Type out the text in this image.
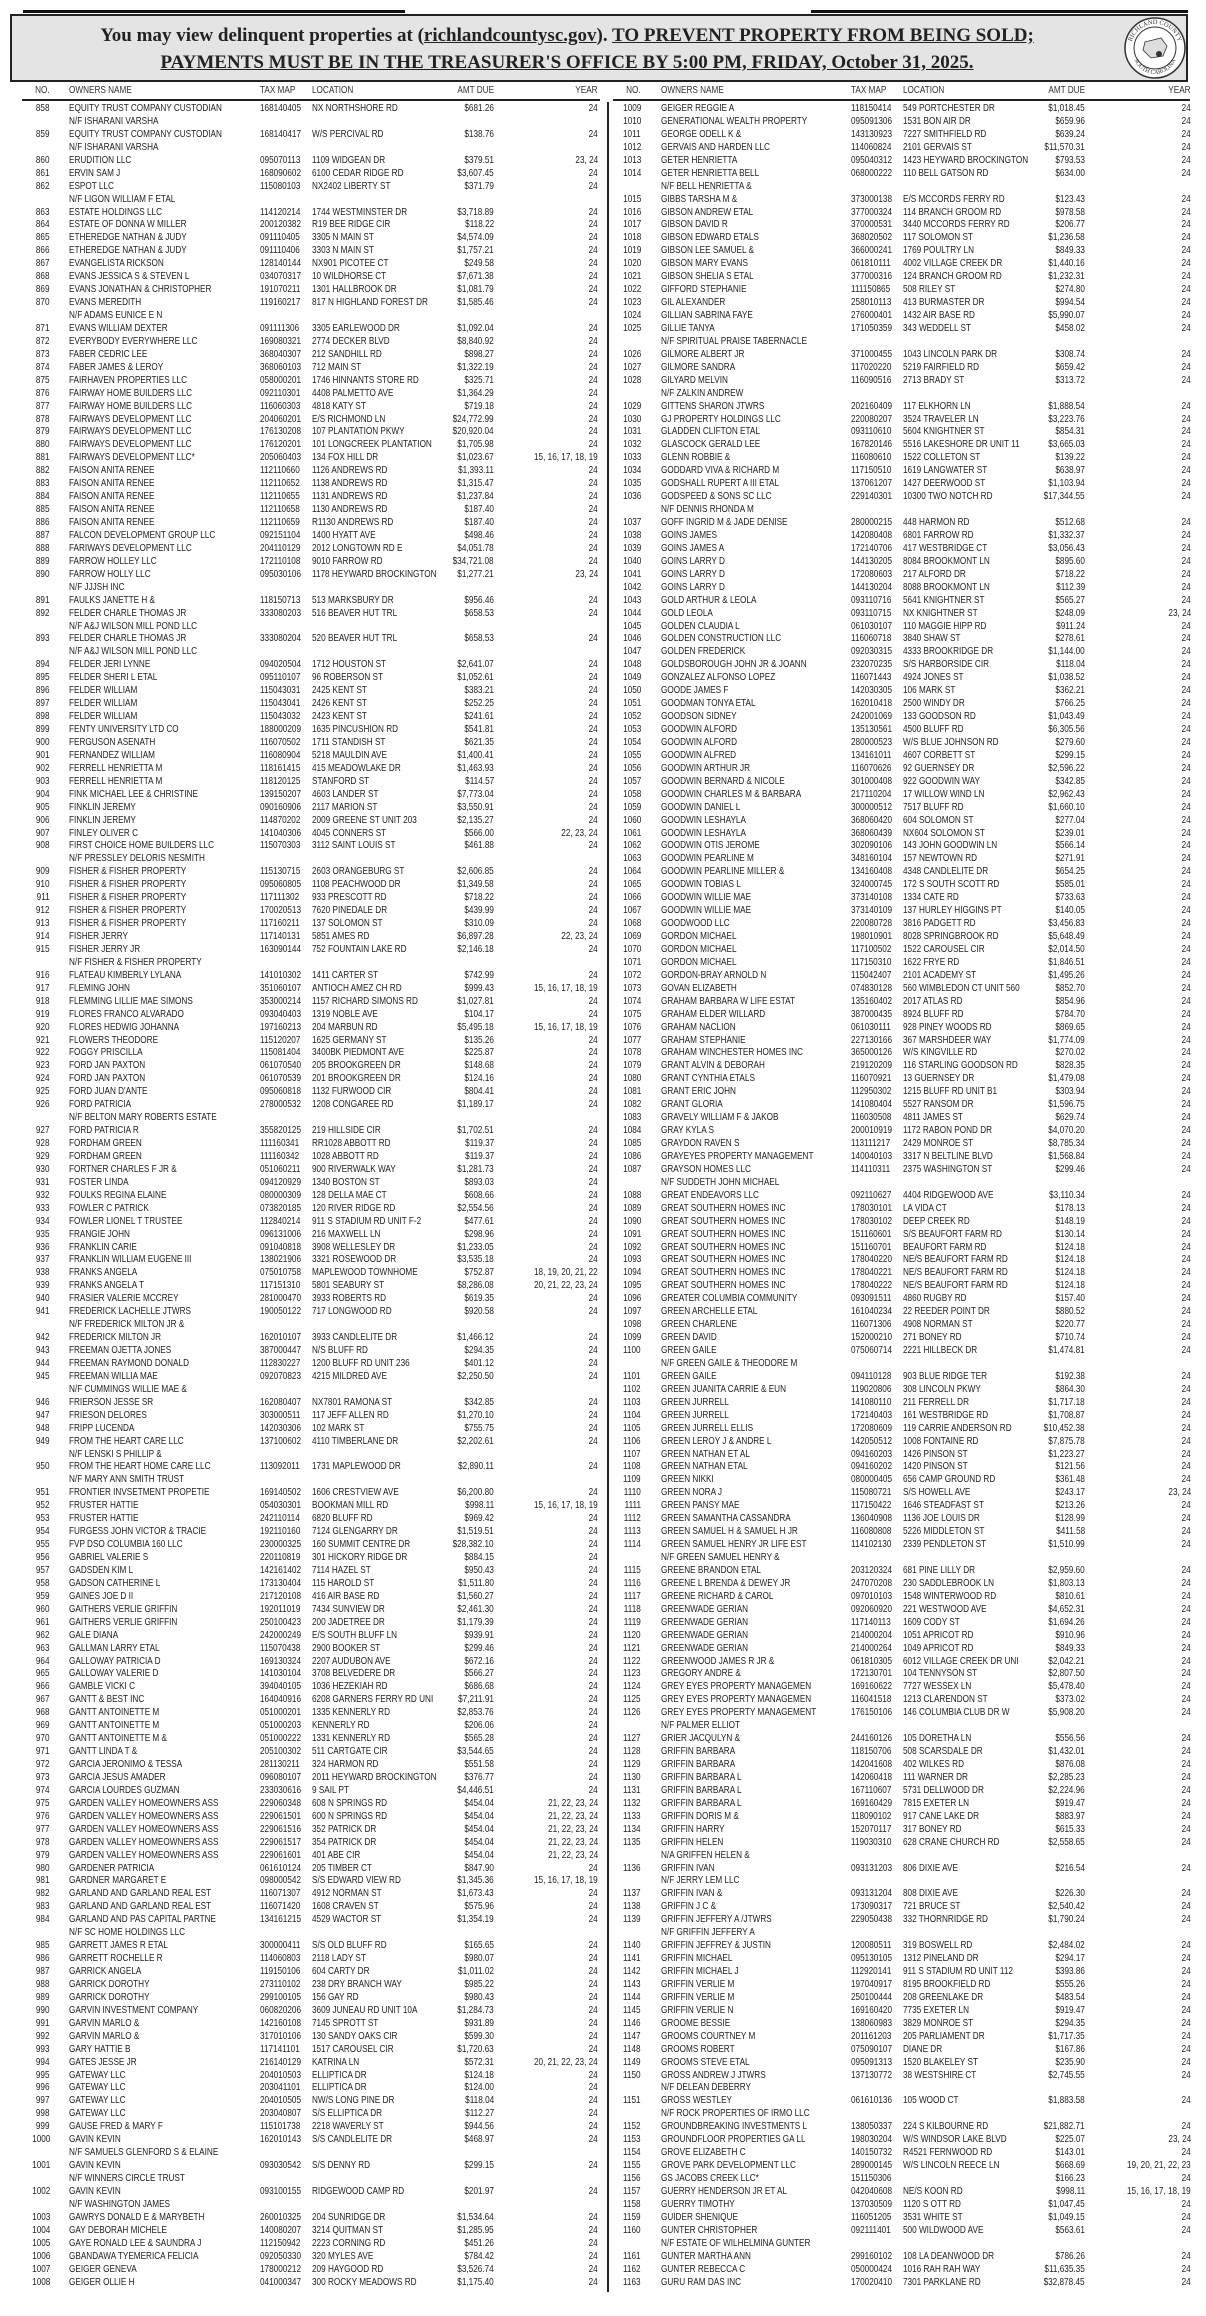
You may view delinquent properties at (richlandcountysc.gov). TO PREVENT PROPERTY FROM BEING SOLD;
PAYMENTS MUST BE IN THE TREASURER'S OFFICE BY 5:00 PM, FRIDAY, October 31, 2025.
RICHLAND COUNTY
SOUTH CAROLINA
NO. OWNERS NAME	TAX MAP	LOCATION	AMT DUE	YEAR
858 EQUITY TRUST COMPANY CUSTODIAN	168140405	NX NORTHSHORE RD	$681.26	24
N/F ISHARANI VARSHA
859 EQUITY TRUST COMPANY CUSTODIAN	168140417	W/S PERCIVAL RD	$138.76	24
N/F ISHARANI VARSHA
860 ERUDITION LLC	095070113	1109 WIDGEAN DR	$379.51	23, 24
861 ERVIN SAM J	168090602	6100 CEDAR RIDGE RD	$3,607.45	24
862 ESPOT LLC	115080103	NX2402 LIBERTY ST	$371.79	24
N/F LIGON WILLIAM F ETAL
863 ESTATE HOLDINGS LLC	114120214	1744 WESTMINSTER DR	$3,718.89	24
864 ESTATE OF DONNA W MILLER	200120382	R19 BEE RIDGE CIR	$118.22	24
865 ETHEREDGE NATHAN & JUDY	091110405	3305 N MAIN ST	$4,574.09	24
866 ETHEREDGE NATHAN & JUDY	091110406	3303 N MAIN ST	$1,757.21	24
867 EVANGELISTA RICKSON	128140144	NX901 PICOTEE CT	$249.58	24
868 EVANS JESSICA S & STEVEN L	034070317	10 WILDHORSE CT	$7,671.38	24
869 EVANS JONATHAN & CHRISTOPHER	191070211	1301 HALLBROOK DR	$1,081.79	24
870 EVANS MEREDITH	119160217	817 N HIGHLAND FOREST DR	$1,585.46	24
N/F ADAMS EUNICE E N
871 EVANS WILLIAM DEXTER	091111306	3305 EARLEWOOD DR	$1,092.04	24
872 EVERYBODY EVERYWHERE LLC	169080321	2774 DECKER BLVD	$8,840.92	24
873 FABER CEDRIC LEE	368040307	212 SANDHILL RD	$898.27	24
874 FABER JAMES & LEROY	368060103	712 MAIN ST	$1,322.19	24
875 FAIRHAVEN PROPERTIES LLC	058000201	1746 HINNANTS STORE RD	$325.71	24
876 FAIRWAY HOME BUILDERS LLC	092110301	4408 PALMETTO AVE	$1,364.29	24
877 FAIRWAY HOME BUILDERS LLC	116060303	4818 KATY ST	$719.18	24
878 FAIRWAYS DEVELOPMENT LLC	204060201	E/S RICHMOND LN	$24,772.99	24
879 FAIRWAYS DEVELOPMENT LLC	176130208	107 PLANTATION PKWY	$20,920.04	24
880 FAIRWAYS DEVELOPMENT LLC	176120201	101 LONGCREEK PLANTATION	$1,705.98	24
881 FAIRWAYS DEVELOPMENT LLC*	205060403	134 FOX HILL DR	$1,023.67	15, 16, 17, 18, 19
882 FAISON ANITA RENEE	112110660	1126 ANDREWS RD	$1,393.11	24
883 FAISON ANITA RENEE	112110652	1138 ANDREWS RD	$1,315.47	24
884 FAISON ANITA RENEE	112110655	1131 ANDREWS RD	$1,237.84	24
885 FAISON ANITA RENEE	112110658	1130 ANDREWS RD	$187.40	24
886 FAISON ANITA RENEE	112110659	R1130 ANDREWS RD	$187.40	24
887 FALCON DEVELOPMENT GROUP LLC	092151104	1400 HYATT AVE	$498.46	24
888 FARIWAYS DEVELOPMENT LLC	204110129	2012 LONGTOWN RD E	$4,051.78	24
889 FARROW HOLLEY LLC	172110108	9010 FARROW RD	$34,721.08	24
890 FARROW HOLLY LLC	095030106	1178 HEYWARD BROCKINGTON	$1,277.21	23, 24
N/F JJJSH INC
891 FAULKS JANETTE H &	118150713	513 MARKSBURY DR	$956.46	24
892 FELDER CHARLE THOMAS JR	333080203	516 BEAVER HUT TRL	$658.53	24
N/F A&J WILSON MILL POND LLC
893 FELDER CHARLE THOMAS JR	333080204	520 BEAVER HUT TRL	$658.53	24
N/F A&J WILSON MILL POND LLC
894 FELDER JERI LYNNE	094020504	1712 HOUSTON ST	$2,641.07	24
895 FELDER SHERI L ETAL	095110107	96 ROBERSON ST	$1,052.61	24
896 FELDER WILLIAM	115043031	2425 KENT ST	$383.21	24
897 FELDER WILLIAM	115043041	2426 KENT ST	$252.25	24
898 FELDER WILLIAM	115043032	2423 KENT ST	$241.61	24
899 FENTY UNIVERSITY LTD CO	188000209	1635 PINCUSHION RD	$541.81	24
900 FERGUSON ASENATH	116070502	1711 STANDISH ST	$621.35	24
901 FERNANDEZ WILLIAM	116080904	5218 MAULDIN AVE	$1,400.41	24
902 FERRELL HENRIETTA M	118161415	415 MEADOWLAKE DR	$1,463.93	24
903 FERRELL HENRIETTA M	118120125	STANFORD ST	$114.57	24
904 FINK MICHAEL LEE & CHRISTINE	139150207	4603 LANDER ST	$7,773.04	24
905 FINKLIN JEREMY	090160906	2117 MARION ST	$3,550.91	24
906 FINKLIN JEREMY	114870202	2009 GREENE ST UNIT 203	$2,135.27	24
907 FINLEY OLIVER C	141040306	4045 CONNERS ST	$566.00	22, 23, 24
908 FIRST CHOICE HOME BUILDERS LLC	115070303	3112 SAINT LOUIS ST	$461.88	24
N/F PRESSLEY DELORIS NESMITH
909 FISHER & FISHER PROPERTY	115130715	2603 ORANGEBURG ST	$2,606.85	24
910 FISHER & FISHER PROPERTY	095060805	1108 PEACHWOOD DR	$1,349.58	24
911 FISHER & FISHER PROPERTY	117111302	933 PRESCOTT RD	$718.22	24
912 FISHER & FISHER PROPERTY	170020513	7620 PINEDALE DR	$439.99	24
913 FISHER & FISHER PROPERTY	117160211	137 SOLOMON ST	$310.09	24
914 FISHER JERRY	117140131	5851 AMES RD	$6,897.28	22, 23, 24
915 FISHER JERRY JR	163090144	752 FOUNTAIN LAKE RD	$2,146.18	24
N/F FISHER & FISHER PROPERTY
916 FLATEAU KIMBERLY LYLANA	141010302	1411 CARTER ST	$742.99	24
917 FLEMING JOHN	351060107	ANTIOCH AMEZ CH RD	$999.43	15, 16, 17, 18, 19
918 FLEMMING LILLIE MAE SIMONS	353000214	1157 RICHARD SIMONS RD	$1,027.81	24
919 FLORES FRANCO ALVARADO	093040403	1319 NOBLE AVE	$104.17	24
920 FLORES HEDWIG JOHANNA	197160213	204 MARBUN RD	$5,495.18	15, 16, 17, 18, 19
921 FLOWERS THEODORE	115120207	1625 GERMANY ST	$135.26	24
922 FOGGY PRISCILLA	115081404	3400BK PIEDMONT AVE	$225.87	24
923 FORD JAN PAXTON	061070540	205 BROOKGREEN DR	$148.68	24
924 FORD JAN PAXTON	061070539	201 BROOKGREEN DR	$124.16	24
925 FORD JUAN D'ANTE	095060818	1132 FURWOOD CIR	$804.41	24
926 FORD PATRICIA	278000532	1208 CONGAREE RD	$1,189.17	24
N/F BELTON MARY ROBERTS ESTATE
927 FORD PATRICIA R	355820125	219 HILLSIDE CIR	$1,702.51	24
928 FORDHAM GREEN	111160341	RR1028 ABBOTT RD	$119.37	24
929 FORDHAM GREEN	111160342	1028 ABBOTT RD	$119.37	24
930 FORTNER CHARLES F JR &	051060211	900 RIVERWALK WAY	$1,281.73	24
931 FOSTER LINDA	094120929	1340 BOSTON ST	$893.03	24
932 FOULKS REGINA ELAINE	080000309	128 DELLA MAE CT	$608.66	24
933 FOWLER C PATRICK	073820185	120 RIVER RIDGE RD	$2,554.56	24
934 FOWLER LIONEL T TRUSTEE	112840214	911 S STADIUM RD UNIT F-2	$477.61	24
935 FRANGIE JOHN	096131006	216 MAXWELL LN	$298.96	24
936 FRANKLIN CARIE	091040818	3908 WELLESLEY DR	$1,233.05	24
937 FRANKLIN WILLIAM EUGENE III	138021906	3321 ROSEWOOD DR	$3,535.18	24
938 FRANKS ANGELA	075010758	MAPLEWOOD TOWNHOME	$752.87	18, 19, 20, 21, 22
939 FRANKS ANGELA T	117151310	5801 SEABURY ST	$8,286.08	20, 21, 22, 23, 24
940 FRASIER VALERIE MCCREY	281000470	3933 ROBERTS RD	$619.35	24
941 FREDERICK LACHELLE JTWRS	190050122	717 LONGWOOD RD	$920.58	24
N/F FREDERICK MILTON JR &
942 FREDERICK MILTON JR	162010107	3933 CANDLELITE DR	$1,466.12	24
943 FREEMAN OJETTA JONES	387000447	N/S BLUFF RD	$294.35	24
944 FREEMAN RAYMOND DONALD	112830227	1200 BLUFF RD UNIT 236	$401.12	24
945 FREEMAN WILLIA MAE	092070823	4215 MILDRED AVE	$2,250.50	24
N/F CUMMINGS WILLIE MAE &
946 FRIERSON JESSE SR	162080407	NX7801 RAMONA ST	$342.85	24
947 FRIESON DELORES	303000511	117 JEFF ALLEN RD	$1,270.10	24
948 FRIPP LUCENDA	142030306	102 MARK ST	$755.75	24
949 FROM THE HEART CARE LLC	137100602	4110 TIMBERLANE DR	$2,202.61	24
N/F LENSKI S PHILLIP &
950 FROM THE HEART HOME CARE LLC	113092011	1731 MAPLEWOOD DR	$2,890.11	24
N/F MARY ANN SMITH TRUST
951 FRONTIER INVSETMENT PROPETIE	169140502	1606 CRESTVIEW AVE	$6,200.80	24
952 FRUSTER HATTIE	054030301	BOOKMAN MILL RD	$998.11	15, 16, 17, 18, 19
953 FRUSTER HATTIE	242110114	6820 BLUFF RD	$969.42	24
954 FURGESS JOHN VICTOR & TRACIE	192110160	7124 GLENGARRY DR	$1,519.51	24
955 FVP DSO COLUMBIA 160 LLC	230000325	160 SUMMIT CENTRE DR	$28,382.10	24
956 GABRIEL VALERIE S	220110819	301 HICKORY RIDGE DR	$884.15	24
957 GADSDEN KIM L	142161402	7114 HAZEL ST	$950.43	24
958 GADSON CATHERINE L	173130404	115 HAROLD ST	$1,511.80	24
959 GAINES JOE D II	217120108	416 AIR BASE RD	$1,560.27	24
960 GAITHERS VERLIE GRIFFIN	192011019	7434 SUNVIEW DR	$2,461.30	24
961 GAITHERS VERLIE GRIFFIN	250100423	200 JADETREE DR	$1,179.39	24
962 GALE DIANA	242000249	E/S SOUTH BLUFF LN	$939.91	24
963 GALLMAN LARRY ETAL	115070438	2900 BOOKER ST	$299.46	24
964 GALLOWAY PATRICIA D	169130324	2207 AUDUBON AVE	$672.16	24
965 GALLOWAY VALERIE D	141030104	3708 BELVEDERE DR	$566.27	24
966 GAMBLE VICKI C	394040105	1036 HEZEKIAH RD	$686.68	24
967 GANTT & BEST INC	164040916	6208 GARNERS FERRY RD UNI	$7,211.91	24
968 GANTT ANTOINETTE M	051000201	1335 KENNERLY RD	$2,853.76	24
969 GANTT ANTOINETTE M	051000203	KENNERLY RD	$206.06	24
970 GANTT ANTOINETTE M &	051000222	1331 KENNERLY RD	$565.28	24
971 GANTT LINDA T &	205100302	511 CARTGATE CIR	$3,544.65	24
972 GARCIA JERONIMO & TESSA	281130211	324 HARMON RD	$551.58	24
973 GARCIA JESUS AMADER	096080107	2011 HEYWARD BROCKINGTON	$376.77	24
974 GARCIA LOURDES GUZMAN	233030616	9 SAIL PT	$4,446.51	24
975 GARDEN VALLEY HOMEOWNERS ASS	229060348	608 N SPRINGS RD	$454.04	21, 22, 23, 24
976 GARDEN VALLEY HOMEOWNERS ASS	229061501	600 N SPRINGS RD	$454.04	21, 22, 23, 24
977 GARDEN VALLEY HOMEOWNERS ASS	229061516	352 PATRICK DR	$454.04	21, 22, 23, 24
978 GARDEN VALLEY HOMEOWNERS ASS	229061517	354 PATRICK DR	$454.04	21, 22, 23, 24
979 GARDEN VALLEY HOMEOWNERS ASS	229061601	401 ABE CIR	$454.04	21, 22, 23, 24
980 GARDENER PATRICIA	061610124	205 TIMBER CT	$847.90	24
981 GARDNER MARGARET E	098000542	S/S EDWARD VIEW RD	$1,345.36	15, 16, 17, 18, 19
982 GARLAND AND GARLAND REAL EST	116071307	4912 NORMAN ST	$1,673.43	24
983 GARLAND AND GARLAND REAL EST	116071420	1608 CRAVEN ST	$575.96	24
984 GARLAND AND PAS CAPITAL PARTNE	134161215	4529 WACTOR ST	$1,354.19	24
N/F SC HOME HOLDINGS LLC
985 GARRETT JAMES R ETAL	300000411	S/S OLD BLUFF RD	$165.65	24
986 GARRETT ROCHELLE R	114060803	2118 LADY ST	$980.07	24
987 GARRICK ANGELA	119150106	604 CARTY DR	$1,011.02	24
988 GARRICK DOROTHY	273110102	238 DRY BRANCH WAY	$985.22	24
989 GARRICK DOROTHY	299100105	156 GAY RD	$980.43	24
990 GARVIN INVESTMENT COMPANY	060820206	3609 JUNEAU RD UNIT 10A	$1,284.73	24
991 GARVIN MARLO &	142160108	7145 SPROTT ST	$931.89	24
992 GARVIN MARLO &	317010106	130 SANDY OAKS CIR	$599.30	24
993 GARY HATTIE B	117141101	1517 CAROUSEL CIR	$1,720.63	24
994 GATES JESSE JR	216140129	KATRINA LN	$572.31	20, 21, 22, 23, 24
995 GATEWAY LLC	204010503	ELLIPTICA DR	$124.18	24
996 GATEWAY LLC	203041101	ELLIPTICA DR	$124.00	24
997 GATEWAY LLC	204010505	NW/S LONG PINE DR	$118.04	24
998 GATEWAY LLC	203040807	S/S ELLIPTICA DR	$112.27	24
999 GAUSE FRED & MARY F	115101738	2218 WAVERLY ST	$944.56	24
1000 GAVIN KEVIN	162010143	S/S CANDLELITE DR	$468.97	24
N/F SAMUELS GLENFORD S & ELAINE
1001 GAVIN KEVIN	093030542	S/S DENNY RD	$299.15	24
N/F WINNERS CIRCLE TRUST
1002 GAVIN KEVIN	093100155	RIDGEWOOD CAMP RD	$201.97	24
N/F WASHINGTON JAMES
1003 GAWRYS DONALD E & MARYBETH	260010325	204 SUNRIDGE DR	$1,534.64	24
1004 GAY DEBORAH MICHELE	140080207	3214 QUITMAN ST	$1,285.95	24
1005 GAYE RONALD LEE & SAUNDRA J	112150942	2223 CORNING RD	$451.26	24
1006 GBANDAWA TYEMERICA FELICIA	092050330	320 MYLES AVE	$784.42	24
1007 GEIGER GENEVA	178000212	209 HAYGOOD RD	$3,526.74	24
1008 GEIGER OLLIE H	041000347	300 ROCKY MEADOWS RD	$1,175.40	24
NO. OWNERS NAME	TAX MAP	LOCATION	AMT DUE	YEAR
1009 GEIGER REGGIE A	118150414	549 PORTCHESTER DR	$1,018.45	24
1010 GENERATIONAL WEALTH PROPERTY	095091306	1531 BON AIR DR	$659.96	24
1011 GEORGE ODELL K &	143130923	7227 SMITHFIELD RD	$639.24	24
1012 GERVAIS AND HARDEN LLC	114060824	2101 GERVAIS ST	$11,570.31	24
1013 GETER HENRIETTA	095040312	1423 HEYWARD BROCKINGTON	$793.53	24
1014 GETER HENRIETTA BELL	068000222	110 BELL GATSON RD	$634.00	24
N/F BELL HENRIETTA &
1015 GIBBS TARSHA M &	373000138	E/S MCCORDS FERRY RD	$123.43	24
1016 GIBSON ANDREW ETAL	377000324	114 BRANCH GROOM RD	$978.58	24
1017 GIBSON DAVID R	370000531	3440 MCCORDS FERRY RD	$206.77	24
1018 GIBSON EDWARD ETALS	368020502	117 SOLOMON ST	$1,236.58	24
1019 GIBSON LEE SAMUEL &	366000241	1769 POULTRY LN	$849.33	24
1020 GIBSON MARY EVANS	061810111	4002 VILLAGE CREEK DR	$1,440.16	24
1021 GIBSON SHELIA S ETAL	377000316	124 BRANCH GROOM RD	$1,232.31	24
1022 GIFFORD STEPHANIE	111150865	508 RILEY ST	$274.80	24
1023 GIL ALEXANDER	258010113	413 BURMASTER DR	$994.54	24
1024 GILLIAN SABRINA FAYE	276000401	1432 AIR BASE RD	$5,990.07	24
1025 GILLIE TANYA	171050359	343 WEDDELL ST	$458.02	24
N/F SPIRITUAL PRAISE TABERNACLE
1026 GILMORE ALBERT JR	371000455	1043 LINCOLN PARK DR	$308.74	24
1027 GILMORE SANDRA	117020220	5219 FAIRFIELD RD	$659.42	24
1028 GILYARD MELVIN	116090516	2713 BRADY ST	$313.72	24
N/F ZALKIN ANDREW
1029 GITTENS SHARON JTWRS	202160409	117 ELKHORN LN	$1,888.54	24
1030 GJ PROPERTY HOLDINGS LLC	220080207	3524 TRAVELER LN	$3,223.76	24
1031 GLADDEN CLIFTON ETAL	093110610	5604 KNIGHTNER ST	$854.31	24
1032 GLASCOCK GERALD LEE	167820146	5516 LAKESHORE DR UNIT 11	$3,665.03	24
1033 GLENN ROBBIE &	116080610	1522 COLLETON ST	$139.22	24
1034 GODDARD VIVA & RICHARD M	117150510	1619 LANGWATER ST	$638.97	24
1035 GODSHALL RUPERT A III ETAL	137061207	1427 DEERWOOD ST	$1,103.94	24
1036 GODSPEED & SONS SC LLC	229140301	10300 TWO NOTCH RD	$17,344.55	24
N/F DENNIS RHONDA M
1037 GOFF INGRID M & JADE DENISE	280000215	448 HARMON RD	$512.68	24
1038 GOINS JAMES	142080408	6801 FARROW RD	$1,332.37	24
1039 GOINS JAMES A	172140706	417 WESTBRIDGE CT	$3,056.43	24
1040 GOINS LARRY D	144130205	8084 BROOKMONT LN	$895.60	24
1041 GOINS LARRY D	172080603	217 ALFORD DR	$718.22	24
1042 GOINS LARRY D	144130204	8088 BROOKMONT LN	$112.39	24
1043 GOLD ARTHUR & LEOLA	093110716	5641 KNIGHTNER ST	$565.27	24
1044 GOLD LEOLA	093110715	NX KNIGHTNER ST	$248.09	23, 24
1045 GOLDEN CLAUDIA L	061030107	110 MAGGIE HIPP RD	$911.24	24
1046 GOLDEN CONSTRUCTION LLC	116060718	3840 SHAW ST	$278.61	24
1047 GOLDEN FREDERICK	092030315	4333 BROOKRIDGE DR	$1,144.00	24
1048 GOLDSBOROUGH JOHN JR & JOANN	232070235	S/S HARBORSIDE CIR	$118.04	24
1049 GONZALEZ ALFONSO LOPEZ	116071443	4924 JONES ST	$1,038.52	24
1050 GOODE JAMES F	142030305	106 MARK ST	$362.21	24
1051 GOODMAN TONYA ETAL	162010418	2500 WINDY DR	$766.25	24
1052 GOODSON SIDNEY	242001069	133 GOODSON RD	$1,043.49	24
1053 GOODWIN ALFORD	135130561	4500 BLUFF RD	$6,305.56	24
1054 GOODWIN ALFORD	280000523	W/S BLUE JOHNSON RD	$279.60	24
1055 GOODWIN ALFRED	134161011	4607 CORBETT ST	$299.15	24
1056 GOODWIN ARTHUR JR	116070626	92 GUERNSEY DR	$2,596.22	24
1057 GOODWIN BERNARD & NICOLE	301000408	922 GOODWIN WAY	$342.85	24
1058 GOODWIN CHARLES M & BARBARA	217110204	17 WILLOW WIND LN	$2,962.43	24
1059 GOODWIN DANIEL L	300000512	7517 BLUFF RD	$1,660.10	24
1060 GOODWIN LESHAYLA	368060420	604 SOLOMON ST	$277.04	24
1061 GOODWIN LESHAYLA	368060439	NX604 SOLOMON ST	$239.01	24
1062 GOODWIN OTIS JEROME	302090106	143 JOHN GOODWIN LN	$566.14	24
1063 GOODWIN PEARLINE M	348160104	157 NEWTOWN RD	$271.91	24
1064 GOODWIN PEARLINE MILLER &	134160408	4348 CANDLELITE DR	$654.25	24
1065 GOODWIN TOBIAS L	324000745	172 S SOUTH SCOTT RD	$585.01	24
1066 GOODWIN WILLIE MAE	373140108	1334 CATE RD	$733.63	24
1067 GOODWIN WILLIE MAE	373140109	137 HURLEY HIGGINS PT	$140.05	24
1068 GOODWOOD LLC	220080728	3816 PADGETT RD	$3,456.83	24
1069 GORDON MICHAEL	198010901	8028 SPRINGBROOK RD	$5,648.49	24
1070 GORDON MICHAEL	117100502	1522 CAROUSEL CIR	$2,014.50	24
1071 GORDON MICHAEL	117150310	1622 FRYE RD	$1,846.51	24
1072 GORDON-BRAY ARNOLD N	115042407	2101 ACADEMY ST	$1,495.26	24
1073 GOVAN ELIZABETH	074830128	560 WIMBLEDON CT UNIT 560	$852.70	24
1074 GRAHAM BARBARA W LIFE ESTAT	135160402	2017 ATLAS RD	$854.96	24
1075 GRAHAM ELDER WILLARD	387000435	8924 BLUFF RD	$784.70	24
1076 GRAHAM NACLION	061030111	928 PINEY WOODS RD	$869.65	24
1077 GRAHAM STEPHANIE	227130166	367 MARSHDEER WAY	$1,774.09	24
1078 GRAHAM WINCHESTER HOMES INC	365000126	W/S KINGVILLE RD	$270.02	24
1079 GRANT ALVIN & DEBORAH	219120209	116 STARLING GOODSON RD	$828.35	24
1080 GRANT CYNTHIA ETALS	116070921	13 GUERNSEY DR	$1,479.08	24
1081 GRANT ERIC JOHN	112950302	1215 BLUFF RD UNIT B1	$303.94	24
1082 GRANT GLORIA	141080404	5527 RANSOM DR	$1,596.75	24
1083 GRAVELY WILLIAM F & JAKOB	116030508	4811 JAMES ST	$629.74	24
1084 GRAY KYLA S	200010919	1172 RABON POND DR	$4,070.20	24
1085 GRAYDON RAVEN S	113111217	2429 MONROE ST	$8,785.34	24
1086 GRAYEYES PROPERTY MANAGEMENT	140040103	3317 N BELTLINE BLVD	$1,568.84	24
1087 GRAYSON HOMES LLC	114110311	2375 WASHINGTON ST	$299.46	24
N/F SUDDETH JOHN MICHAEL
1088 GREAT ENDEAVORS LLC	092110627	4404 RIDGEWOOD AVE	$3,110.34	24
1089 GREAT SOUTHERN HOMES INC	178030101	LA VIDA CT	$178.13	24
1090 GREAT SOUTHERN HOMES INC	178030102	DEEP CREEK RD	$148.19	24
1091 GREAT SOUTHERN HOMES INC	151160601	S/S BEAUFORT FARM RD	$130.14	24
1092 GREAT SOUTHERN HOMES INC	151160701	BEAUFORT FARM RD	$124.18	24
1093 GREAT SOUTHERN HOMES INC	178040220	NE/S BEAUFORT FARM RD	$124.18	24
1094 GREAT SOUTHERN HOMES INC	178040221	NE/S BEAUFORT FARM RD	$124.18	24
1095 GREAT SOUTHERN HOMES INC	178040222	NE/S BEAUFORT FARM RD	$124.18	24
1096 GREATER COLUMBIA COMMUNITY	093091511	4860 RUGBY RD	$157.40	24
1097 GREEN ARCHELLE ETAL	161040234	22 REEDER POINT DR	$880.52	24
1098 GREEN CHARLENE	116071306	4908 NORMAN ST	$220.77	24
1099 GREEN DAVID	152000210	271 BONEY RD	$710.74	24
1100 GREEN GAILE	075060714	2221 HILLBECK DR	$1,474.81	24
N/F GREEN GAILE & THEODORE M
1101 GREEN GAILE	094110128	903 BLUE RIDGE TER	$192.38	24
1102 GREEN JUANITA CARRIE & EUN	119020806	308 LINCOLN PKWY	$864.30	24
1103 GREEN JURRELL	141080110	211 FERRELL DR	$1,717.18	24
1104 GREEN JURRELL	172140403	161 WESTBRIDGE RD	$1,708.87	24
1105 GREEN JURRELL ELLIS	172080609	119 CARRIE ANDERSON RD	$10,452.38	24
1106 GREEN LEROY J & ANDRE L	142050512	1008 FONTAINE RD	$7,875.78	24
1107 GREEN NATHAN ET AL	094160203	1426 PINSON ST	$1,223.27	24
1108 GREEN NATHAN ETAL	094160202	1420 PINSON ST	$121.56	24
1109 GREEN NIKKI	080000405	656 CAMP GROUND RD	$361.48	24
1110 GREEN NORA J	115080721	S/S HOWELL AVE	$243.17	23, 24
1111 GREEN PANSY MAE	117150422	1646 STEADFAST ST	$213.26	24
1112 GREEN SAMANTHA CASSANDRA	136040908	1136 JOE LOUIS DR	$128.99	24
1113 GREEN SAMUEL H & SAMUEL H JR	116080808	5226 MIDDLETON ST	$411.58	24
1114 GREEN SAMUEL HENRY JR LIFE EST	114102130	2339 PENDLETON ST	$1,510.99	24
N/F GREEN SAMUEL HENRY &
1115 GREENE BRANDON ETAL	203120324	681 PINE LILLY DR	$2,959.60	24
1116 GREENE L BRENDA & DEWEY JR	247070208	230 SADDLEBROOK LN	$1,803.13	24
1117 GREENE RICHARD & CAROL	097010103	1548 WINTERWOOD RD	$810.61	24
1118 GREENWADE GERIAN	092060920	221 WESTWOOD AVE	$4,652.31	24
1119 GREENWADE GERIAN	117140113	1609 CODY ST	$1,694.26	24
1120 GREENWADE GERIAN	214000204	1051 APRICOT RD	$910.96	24
1121 GREENWADE GERIAN	214000264	1049 APRICOT RD	$849.33	24
1122 GREENWOOD JAMES R JR &	061810305	6012 VILLAGE CREEK DR UNI	$2,042.21	24
1123 GREGORY ANDRE &	172130701	104 TENNYSON ST	$2,807.50	24
1124 GREY EYES PROPERTY MANAGEMEN	169160622	7727 WESSEX LN	$5,478.40	24
1125 GREY EYES PROPERTY MANAGEMEN	116041518	1213 CLARENDON ST	$373.02	24
1126 GREY EYES PROPERTY MANAGEMENT	176150106	146 COLUMBIA CLUB DR W	$5,908.20	24
N/F PALMER ELLIOT
1127 GRIER JACQULYN &	244160126	105 DORETHA LN	$556.56	24
1128 GRIFFIN BARBARA	118150706	508 SCARSDALE DR	$1,432.01	24
1129 GRIFFIN BARBARA	142041608	402 WILKES RD	$876.08	24
1130 GRIFFIN BARBARA L	142060418	111 WARNER DR	$2,285.23	24
1131 GRIFFIN BARBARA L	167110607	5731 DELLWOOD DR	$2,224.96	24
1132 GRIFFIN BARBARA L	169160429	7815 EXETER LN	$919.47	24
1133 GRIFFIN DORIS M &	118090102	917 CANE LAKE DR	$883.97	24
1134 GRIFFIN HARRY	152070117	317 BONEY RD	$615.33	24
1135 GRIFFIN HELEN	119030310	628 CRANE CHURCH RD	$2,558.65	24
N/A GRIFFEN HELEN &
1136 GRIFFIN IVAN	093131203	806 DIXIE AVE	$216.54	24
N/F JERRY LEM LLC
1137 GRIFFIN IVAN &	093131204	808 DIXIE AVE	$226.30	24
1138 GRIFFIN J C &	173090317	721 BRUCE ST	$2,540.42	24
1139 GRIFFIN JEFFERY A /JTWRS	229050438	332 THORNRIDGE RD	$1,790.24	24
N/F GRIFFIN JEFFERY A
1140 GRIFFIN JEFFREY & JUSTIN	120080511	319 BOSWELL RD	$2,484.02	24
1141 GRIFFIN MICHAEL	095130105	1312 PINELAND DR	$294.17	24
1142 GRIFFIN MICHAEL J	112920141	911 S STADIUM RD UNIT 112	$393.86	24
1143 GRIFFIN VERLIE M	197040917	8195 BROOKFIELD RD	$555.26	24
1144 GRIFFIN VERLIE M	250100444	208 GREENLAKE DR	$483.54	24
1145 GRIFFIN VERLIE N	169160420	7735 EXETER LN	$919.47	24
1146 GROOME BESSIE	138060983	3829 MONROE ST	$294.35	24
1147 GROOMS COURTNEY M	201161203	205 PARLIAMENT DR	$1,717.35	24
1148 GROOMS ROBERT	075090107	DIANE DR	$167.86	24
1149 GROOMS STEVE ETAL	095091313	1520 BLAKELEY ST	$235.90	24
1150 GROSS ANDREW J JTWRS	137130772	38 WESTSHIRE CT	$2,745.55	24
N/F DELEAN DEBERRY
1151 GROSS WESTLEY	061610136	105 WOOD CT	$1,883.58	24
N/F ROCK PROPERTIES OF IRMO LLC
1152 GROUNDBREAKING INVESTMENTS L	138050337	224 S KILBOURNE RD	$21,882.71	24
1153 GROUNDFLOOR PROPERTIES GA LL	198030204	W/S WINDSOR LAKE BLVD	$225.07	23, 24
1154 GROVE ELIZABETH C	140150732	R4521 FERNWOOD RD	$143.01	24
1155 GROVE PARK DEVELOPMENT LLC	289000145	W/S LINCOLN REECE LN	$668.69	19, 20, 21, 22, 23
1156 GS JACOBS CREEK LLC*	151150306	$166.23	24
1157 GUERRY HENDERSON JR ET AL	042040608	NE/S KOON RD	$998.11	15, 16, 17, 18, 19
1158 GUERRY TIMOTHY	137030509	1120 S OTT RD	$1,047.45	24
1159 GUIDER SHENIQUE	116051205	3531 WHITE ST	$1,049.15	24
1160 GUNTER CHRISTOPHER	092111401	500 WILDWOOD AVE	$563.61	24
N/F ESTATE OF WILHELMINA GUNTER
1161 GUNTER MARTHA ANN	299160102	108 LA DEANWOOD DR	$786.26	24
1162 GUNTER REBECCA C	050000424	1016 RAH RAH WAY	$11,635.35	24
1163 GURU RAM DAS INC	170020410	7301 PARKLANE RD	$32,878.45	24
